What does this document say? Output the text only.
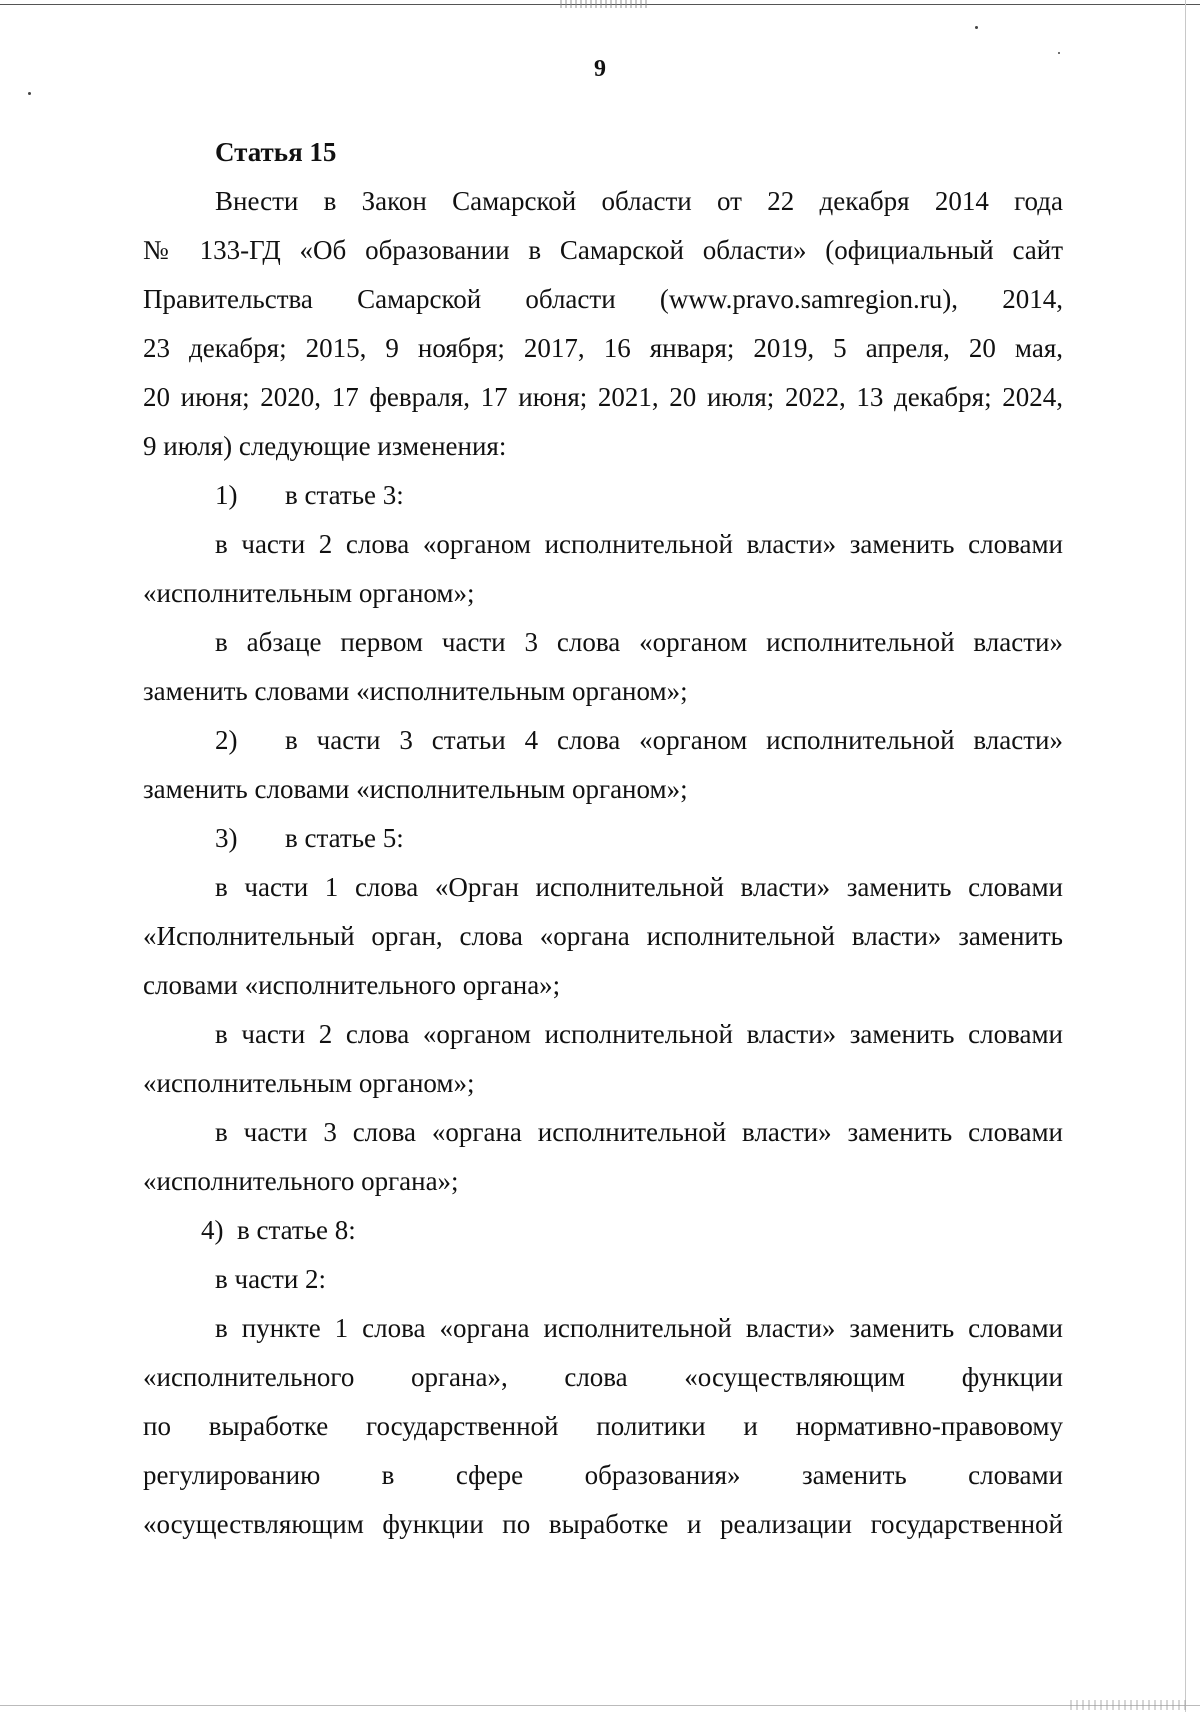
9
Статья 15
Внести в Закон Самарской области от 22 декабря 2014 года
№ 133-ГД «Об образовании в Самарской области» (официальный сайт
Правительства Самарской области (www.pravo.samregion.ru), 2014,
23 декабря; 2015, 9 ноября; 2017, 16 января; 2019, 5 апреля, 20 мая,
20 июня; 2020, 17 февраля, 17 июня; 2021, 20 июля; 2022, 13 декабря; 2024,
9 июля) следующие изменения:
1) в статье 3:
в части 2 слова «органом исполнительной власти» заменить словами
«исполнительным органом»;
в абзаце первом части 3 слова «органом исполнительной власти»
заменить словами «исполнительным органом»;
2)	в части 3 статьи 4 слова «органом исполнительной власти»
заменить словами «исполнительным органом»;
3) в статье 5:
в части 1 слова «Орган исполнительной власти» заменить словами
«Исполнительный орган, слова «органа исполнительной власти» заменить
словами «исполнительного органа»;
в части 2 слова «органом исполнительной власти» заменить словами
«исполнительным органом»;
в части 3 слова «органа исполнительной власти» заменить словами
«исполнительного органа»;
4) в статье 8:
в части 2:
в пункте 1 слова «органа исполнительной власти» заменить словами
«исполнительного органа», слова «осуществляющим функции
по выработке государственной политики и нормативно-правовому
регулированию в сфере образования» заменить словами
«осуществляющим функции по выработке и реализации государственной
